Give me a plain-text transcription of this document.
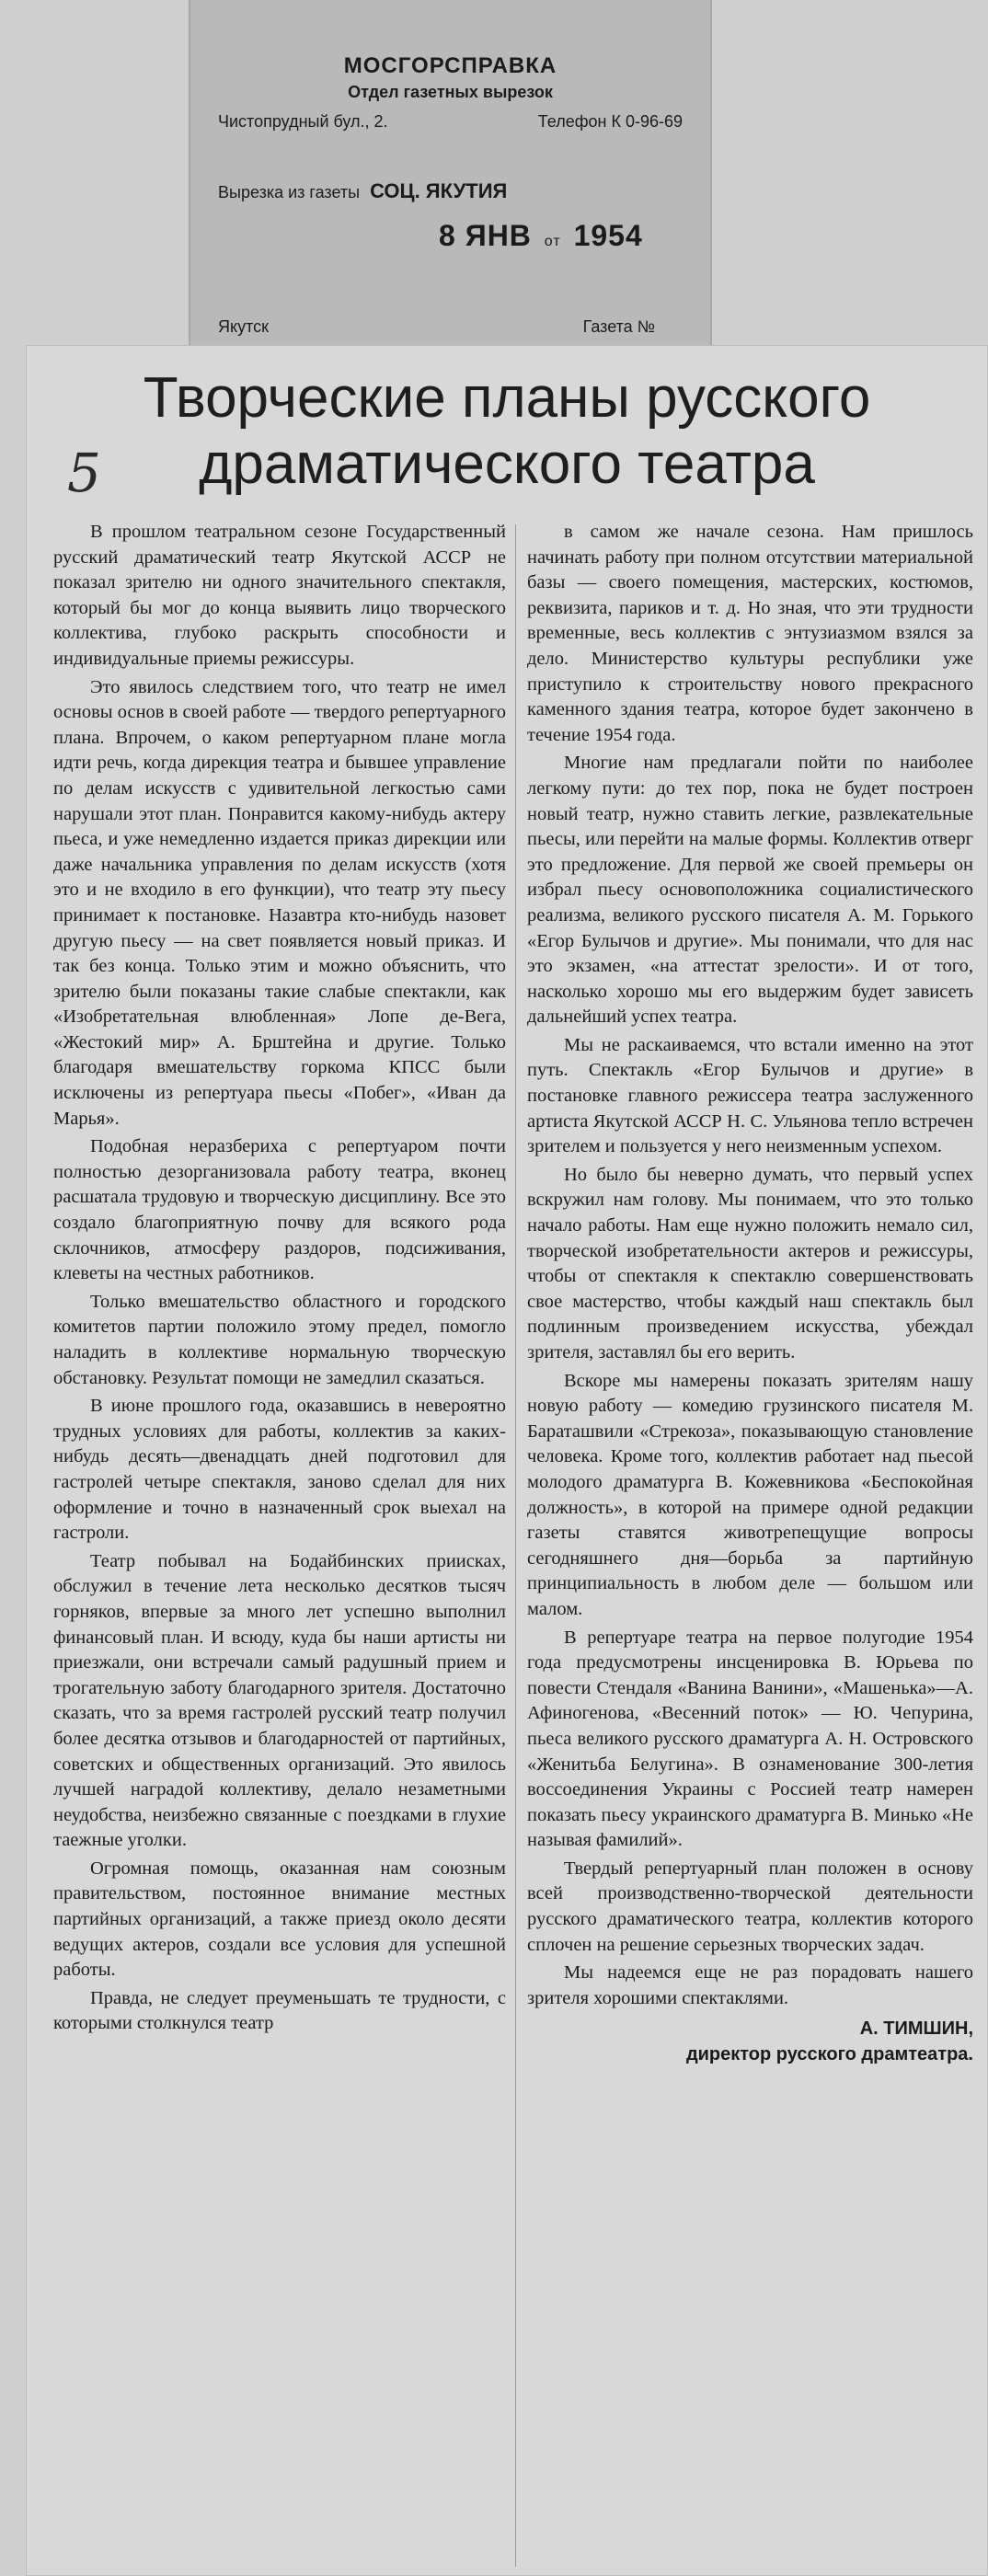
МОСГОРСПРАВКА
Отдел газетных вырезок
Чистопрудный бул., 2.	Телефон К 0-96-69
Вырезка из газеты СОЦ. ЯКУТИЯ
8 ЯНВ от 1954
Якутск	Газета №
5
Творческие планы русского
драматического театра

В прошлом театральном сезоне Государственный русский драматический театр Якутской АССР не показал зрителю ни одного значительного спектакля, который бы мог до конца выявить лицо творческого коллектива, глубоко раскрыть способности и индивидуальные приемы режиссуры.

Это явилось следствием того, что театр не имел основы основ в своей работе — твердого репертуарного плана. Впрочем, о каком репертуарном плане могла идти речь, когда дирекция театра и бывшее управление по делам искусств с удивительной легкостью сами нарушали этот план. Понравится какому-нибудь актеру пьеса, и уже немедленно издается приказ дирекции или даже начальника управления по делам искусств (хотя это и не входило в его функции), что театр эту пьесу принимает к постановке. Назавтра кто-нибудь назовет другую пьесу — на свет появляется новый приказ. И так без конца. Только этим и можно объяснить, что зрителю были показаны такие слабые спектакли, как «Изобретательная влюбленная» Лопе де-Вега, «Жестокий мир» А. Брштейна и другие. Только благодаря вмешательству горкома КПСС были исключены из репертуара пьесы «Побег», «Иван да Марья».

Подобная неразбериха с репертуаром почти полностью дезорганизовала работу театра, вконец расшатала трудовую и творческую дисциплину. Все это создало благоприятную почву для всякого рода склочников, атмосферу раздоров, подсиживания, клеветы на честных работников.

Только вмешательство областного и городского комитетов партии положило этому предел, помогло наладить в коллективе нормальную творческую обстановку. Результат помощи не замедлил сказаться.

В июне прошлого года, оказавшись в невероятно трудных условиях для работы, коллектив за каких-нибудь десять—двенадцать дней подготовил для гастролей четыре спектакля, заново сделал для них оформление и точно в назначенный срок выехал на гастроли.

Театр побывал на Бодайбинских приисках, обслужил в течение лета несколько десятков тысяч горняков, впервые за много лет успешно выполнил финансовый план. И всюду, куда бы наши артисты ни приезжали, они встречали самый радушный прием и трогательную заботу благодарного зрителя. Достаточно сказать, что за время гастролей русский театр получил более десятка отзывов и благодарностей от партийных, советских и общественных организаций. Это явилось лучшей наградой коллективу, делало незаметными неудобства, неизбежно связанные с поездками в глухие таежные уголки.

Огромная помощь, оказанная нам союзным правительством, постоянное внимание местных партийных организаций, а также приезд около десяти ведущих актеров, создали все условия для успешной работы.

Правда, не следует преуменьшать те трудности, с которыми столкнулся театр

в самом же начале сезона. Нам пришлось начинать работу при полном отсутствии материальной базы — своего помещения, мастерских, костюмов, реквизита, париков и т. д. Но зная, что эти трудности временные, весь коллектив с энтузиазмом взялся за дело. Министерство культуры республики уже приступило к строительству нового прекрасного каменного здания театра, которое будет закончено в течение 1954 года.

Многие нам предлагали пойти по наиболее легкому пути: до тех пор, пока не будет построен новый театр, нужно ставить легкие, развлекательные пьесы, или перейти на малые формы. Коллектив отверг это предложение. Для первой же своей премьеры он избрал пьесу основоположника социалистического реализма, великого русского писателя А. М. Горького «Егор Булычов и другие». Мы понимали, что для нас это экзамен, «на аттестат зрелости». И от того, насколько хорошо мы его выдержим будет зависеть дальнейший успех театра.

Мы не раскаиваемся, что встали именно на этот путь. Спектакль «Егор Булычов и другие» в постановке главного режиссера театра заслуженного артиста Якутской АССР Н. С. Ульянова тепло встречен зрителем и пользуется у него неизменным успехом.

Но было бы неверно думать, что первый успех вскружил нам голову. Мы понимаем, что это только начало работы. Нам еще нужно положить немало сил, творческой изобретательности актеров и режиссуры, чтобы от спектакля к спектаклю совершенствовать свое мастерство, чтобы каждый наш спектакль был подлинным произведением искусства, убеждал зрителя, заставлял бы его верить.

Вскоре мы намерены показать зрителям нашу новую работу — комедию грузинского писателя М. Бараташвили «Стрекоза», показывающую становление человека. Кроме того, коллектив работает над пьесой молодого драматурга В. Кожевникова «Беспокойная должность», в которой на примере одной редакции газеты ставятся животрепещущие вопросы сегодняшнего дня—борьба за партийную принципиальность в любом деле — большом или малом.

В репертуаре театра на первое полугодие 1954 года предусмотрены инсценировка В. Юрьева по повести Стендаля «Ванина Ванини», «Машенька»—А. Афиногенова, «Весенний поток» — Ю. Чепурина, пьеса великого русского драматурга А. Н. Островского «Женитьба Белугина». В ознаменование 300-летия воссоединения Украины с Россией театр намерен показать пьесу украинского драматурга В. Минько «Не называя фамилий».

Твердый репертуарный план положен в основу всей производственно-творческой деятельности русского драматического театра, коллектив которого сплочен на решение серьезных творческих задач.

Мы надеемся еще не раз порадовать нашего зрителя хорошими спектаклями.

А. ТИМШИН,
директор русского драмтеатра.
